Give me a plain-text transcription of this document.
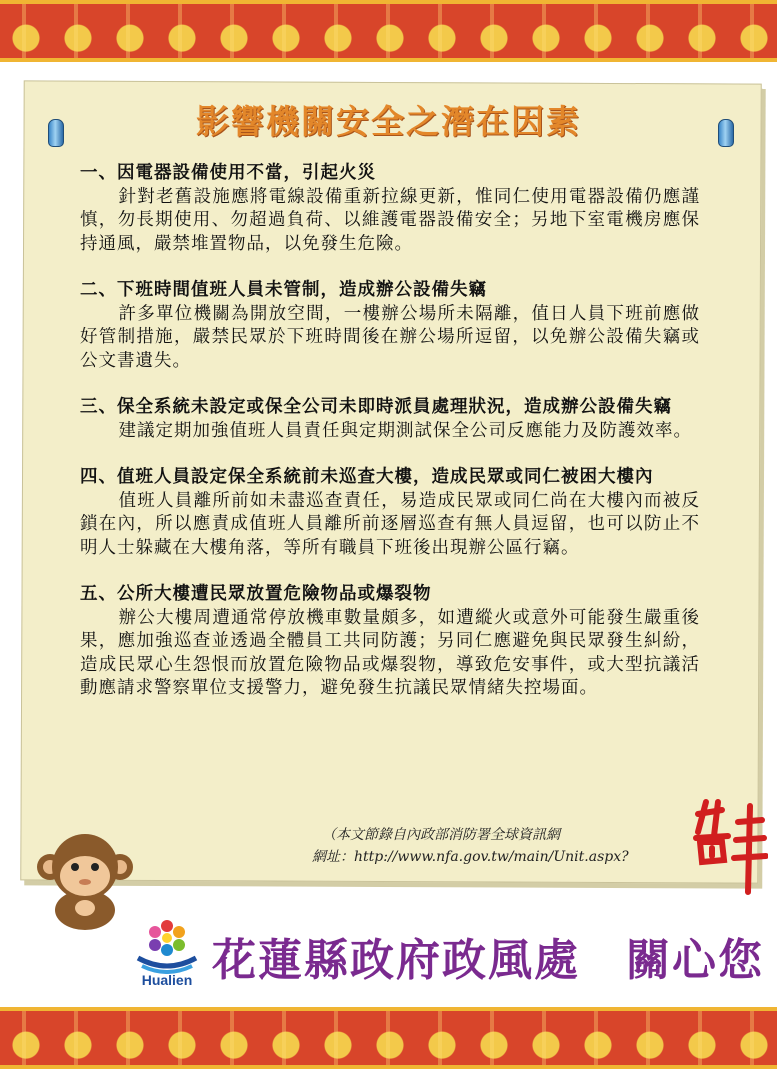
影響機關安全之潛在因素
一、因電器設備使用不當，引起火災
針對老舊設施應將電線設備重新拉線更新，惟同仁使用電器設備仍應謹慎，勿長期使用、勿超過負荷、以維護電器設備安全；另地下室電機房應保持通風，嚴禁堆置物品，以免發生危險。
二、下班時間值班人員未管制，造成辦公設備失竊
許多單位機關為開放空間，一樓辦公場所未隔離，值日人員下班前應做好管制措施，嚴禁民眾於下班時間後在辦公場所逗留，以免辦公設備失竊或公文書遺失。
三、保全系統未設定或保全公司未即時派員處理狀況，造成辦公設備失竊
建議定期加強值班人員責任與定期測試保全公司反應能力及防護效率。
四、值班人員設定保全系統前未巡查大樓，造成民眾或同仁被困大樓內
值班人員離所前如未盡巡查責任，易造成民眾或同仁尚在大樓內而被反鎖在內，所以應責成值班人員離所前逐層巡查有無人員逗留，也可以防止不明人士躲藏在大樓角落，等所有職員下班後出現辦公區行竊。
五、公所大樓遭民眾放置危險物品或爆裂物
辦公大樓周遭通常停放機車數量頗多，如遭縱火或意外可能發生嚴重後果，應加強巡查並透過全體員工共同防護；另同仁應避免與民眾發生糾紛，造成民眾心生怨恨而放置危險物品或爆裂物，導致危安事件，或大型抗議活動應請求警察單位支援警力，避免發生抗議民眾情緒失控場面。
（本文節錄自內政部消防署全球資訊網
網址：http://www.nfa.gov.tw/main/Unit.aspx?
Hualien 花蓮縣政府政風處　關心您
